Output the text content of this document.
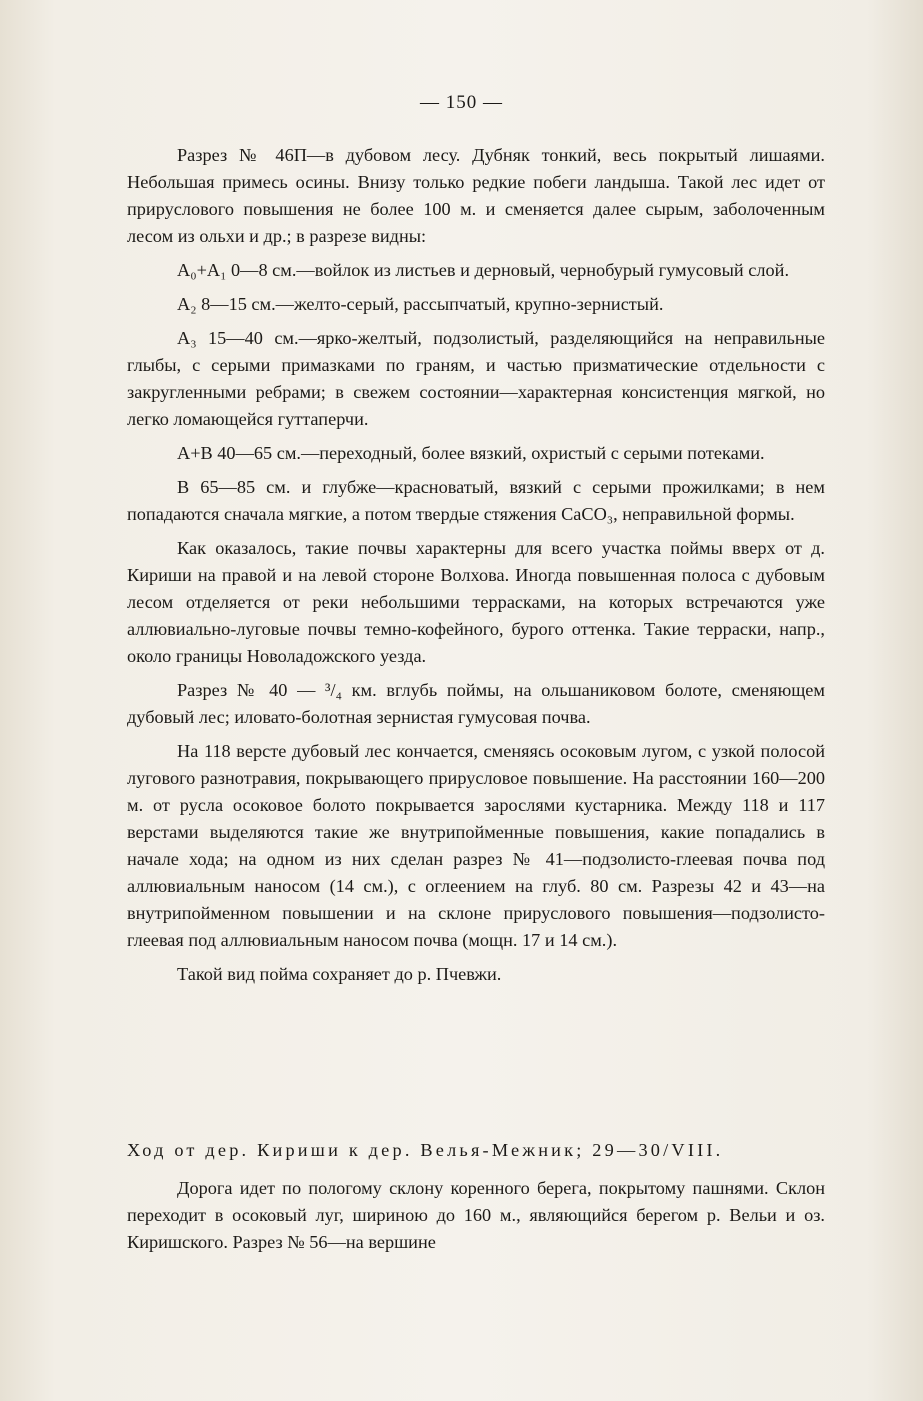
— 150 —

Разрез № 46П—в дубовом лесу. Дубняк тонкий, весь покрытый лишаями. Небольшая примесь осины. Внизу только редкие побеги ландыша. Такой лес идет от прируслового повышения не более 100 м. и сменяется далее сырым, заболоченным лесом из ольхи и др.; в разрезе видны:

A₀+A₁ 0—8 см.—войлок из листьев и дерновый, чернобурый гумусовый слой.

A₂ 8—15 см.—желто-серый, рассыпчатый, крупно-зернистый.

A₃ 15—40 см.—ярко-желтый, подзолистый, разделяющийся на неправильные глыбы, с серыми примазками по граням, и частью призматические отдельности с закругленными ребрами; в свежем состоянии—характерная консистенция мягкой, но легко ломающейся гуттаперчи.

A+B 40—65 см.—переходный, более вязкий, охристый с серыми потеками.

В 65—85 см. и глубже—красноватый, вязкий с серыми прожилками; в нем попадаются сначала мягкие, а потом твердые стяжения CaCO₃, неправильной формы.

Как оказалось, такие почвы характерны для всего участка поймы вверх от д. Кириши на правой и на левой стороне Волхова. Иногда повышенная полоса с дубовым лесом отделяется от реки небольшими террасками, на которых встречаются уже аллювиально-луговые почвы темно-кофейного, бурого оттенка. Такие терраски, напр., около границы Новоладожского уезда.

Разрез № 40 — ³/₄ км. вглубь поймы, на ольшаниковом болоте, сменяющем дубовый лес; иловато-болотная зернистая гумусовая почва.

На 118 версте дубовый лес кончается, сменяясь осоковым лугом, с узкой полосой лугового разнотравия, покрывающего прирусловое повышение. На расстоянии 160—200 м. от русла осоковое болото покрывается зарослями кустарника. Между 118 и 117 верстами выделяются такие же внутрипойменные повышения, какие попадались в начале хода; на одном из них сделан разрез № 41—подзолисто-глеевая почва под аллювиальным наносом (14 см.), с оглеением на глуб. 80 см. Разрезы 42 и 43—на внутрипойменном повышении и на склоне прируслового повышения—подзолисто-глеевая под аллювиальным наносом почва (мощн. 17 и 14 см.).

Такой вид пойма сохраняет до р. Пчевжи.

Ход от дер. Кириши к дер. Велья-Межник; 29—30/VIII.

Дорога идет по пологому склону коренного берега, покрытому пашнями. Склон переходит в осоковый луг, шириною до 160 м., являющийся берегом р. Вельи и оз. Киришского. Разрез № 56—на вершине
